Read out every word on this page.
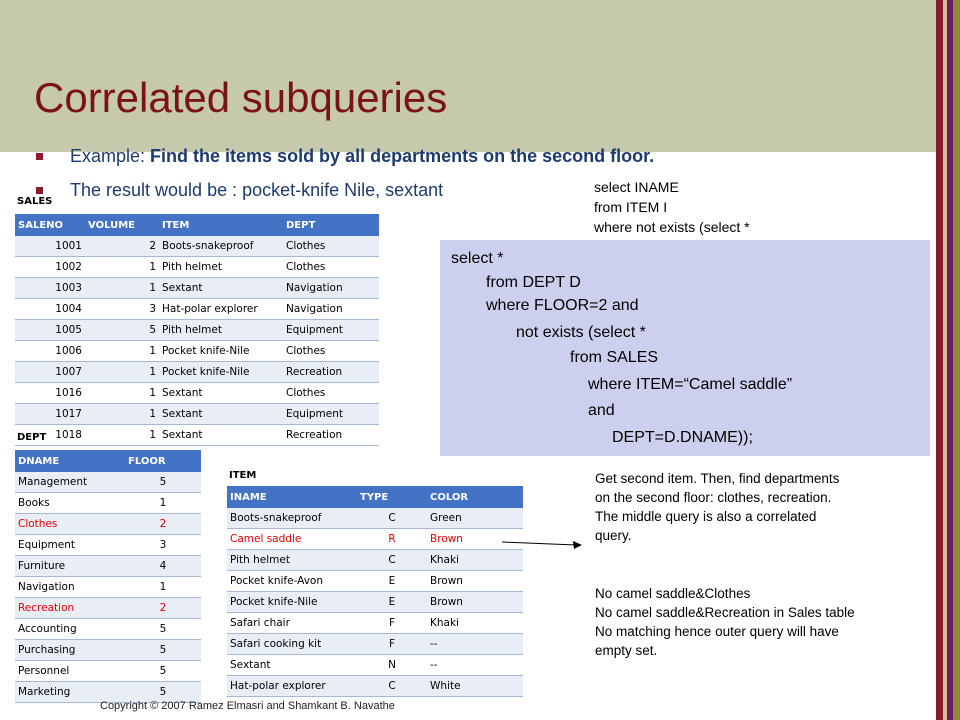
Correlated subqueries
Example: Find the items sold by all departments on the second floor.
The result would be : pocket-knife Nile, sextant
SALES
SALENO	VOLUME	ITEM	DEPT
1001	2	Boots-snakeproof	Clothes
1002	1	Pith helmet	Clothes
1003	1	Sextant	Navigation
1004	3	Hat-polar explorer	Navigation
1005	5	Pith helmet	Equipment
1006	1	Pocket knife-Nile	Clothes
1007	1	Pocket knife-Nile	Recreation
1016	1	Sextant	Clothes
1017	1	Sextant	Equipment
1018	1	Sextant	Recreation
DEPT
DNAME	FLOOR
Management	5
Books	1
Clothes	2
Equipment	3
Furniture	4
Navigation	1
Recreation	2
Accounting	5
Purchasing	5
Personnel	5
Marketing	5
ITEM
INAME	TYPE	COLOR
Boots-snakeproof	C	Green
Camel saddle	R	Brown
Pith helmet	C	Khaki
Pocket knife-Avon	E	Brown
Pocket knife-Nile	E	Brown
Safari chair	F	Khaki
Safari cooking kit	F	--
Sextant	N	--
Hat-polar explorer	C	White
select INAME
from ITEM I
where not exists (select *
select *
from DEPT D
where FLOOR=2 and
not exists (select *
from SALES
where ITEM=“Camel saddle”
and
DEPT=D.DNAME));
Get second item. Then, find departments
on the second floor: clothes, recreation.
The middle query is also a correlated
query.
No camel saddle&Clothes
No camel saddle&Recreation in Sales table
No matching hence outer query will have
empty set.
Copyright © 2007 Ramez Elmasri and Shamkant B. Navathe
